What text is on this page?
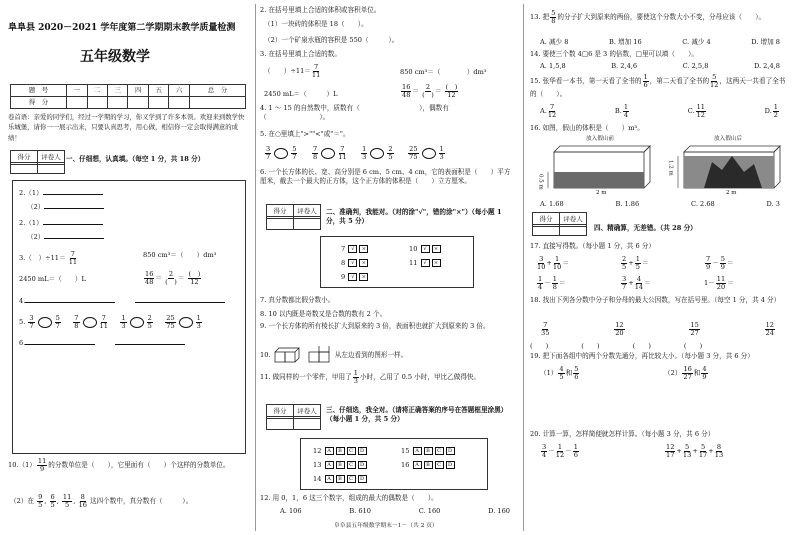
阜阜县 2020－2021 学年度第二学期期末教学质量检测
五年级数学
题　号	一	二	三	四	五	六	总　分
得　分							
卷首语：亲爱的同学们，经过一学期的学习，你又学到了许多本领。欢迎来到数学快乐城堡，请你一一展示出来，只要认真思考，用心做，相信你一定会取得满意的成绩！
得分	评卷人 一、仔细想，认真填。（每空 1 分，共 18 分）
2.（1）
（2）
2.（1）
（2）
3.（　）$\div 11= \frac{7}{11}$	850 cm³＝（　　）dm³
2450 mL＝（　　）L	$\frac{16}{48} = \frac{2}{( )} = \frac{( )}{12}$
4.
5. $\frac{3}{7}$	$\frac{5}{7}$
$\frac{7}{8}$	$\frac{7}{11}$
$\frac{1}{3}$	$\frac{2}{5}$
$\frac{25}{75}$	$\frac{1}{3}$
6.
$10.(1) \frac{11}{9}$ 的分数单位是（　　），它里面有（　　）个这样的分数单位。
（2）在 $\frac{9}{5}$ , $\frac{6}{5}$ , $\frac{11}{5}$ , $\frac{8}{16}$ 这四个数中，真分数有（　　　）。
2. 在括号里填上合适的体积或容积单位。
（1）一块砖的体积是 18（　　）。
（2）一个矿泉水瓶的容积是 550（　　　）。
3. 在括号里填上合适的数。
（　　）$\div 11= \frac{7}{11}$	850 cm³＝（　　　　）dm³
2450 mL＝（　　　）L	$\frac{16}{48} = \frac{2}{( )} = \frac{( )}{12}$
4. 1 ～ 15 的自然数中，质数有（　　　　　　　　　），偶数有（　　　　　　　　）。
5. 在○里填上">""<"或"＝"。
$\frac{3}{7}$	$\frac{5}{7}$
$\frac{7}{8}$	$\frac{7}{11}$
$\frac{1}{3}$	$\frac{2}{5}$
$\frac{25}{75}$	$\frac{1}{3}$
6. 一个长方体的长、宽、高分别是 6 cm、5 cm、4 cm，它的表面积是（　　）平方厘米，截去一个最大的正方体，这个正方体的体积是（　　）立方厘米。
得分	评卷人	二、准确判，我能对。（对的涂"√"，错的涂"×"）（每小题 1 分，共 5 分）
7 √ ×
8 √ ×
9 √ ×
10 √ ×
11 √ ×
7. 真分数都比假分数小。
8. 10 以内既是奇数又是合数的数有 2 个。
9. 一个长方体的所有棱长扩大到原来的 3 倍，表面积也就扩大到原来的 3 倍。
10.	从左边看到的图形一样。
11. 做同样的一个零件，甲用了 $\frac{1}{3}$ 小时，乙用了 0.5 小时，甲比乙做得快。
得分	评卷人	三、仔细选，我全对。（请将正确答案的序号在答题框里涂黑）（每小题 1 分，共 5 分）
12 A B C D
13 A B C D
14 A B C D
15 A B C D
16 A B C D
12. 用 0，1，6 这三个数字，组成的最大的偶数是（　　）。
A. 106	B. 610	C. 160	D. 160
阜阜县五年级数学期末－1－（共 2 页）
13. 把 $\frac{5}{8}$ 的分子扩大到原来的两倍，要使这个分数大小不变，分母应该（　　）。
A. 减少 8	B. 增加 16	C. 减少 4	D. 增加 8
14. 要使三个数 4□6 是 3 的倍数，□里可以填（　　）。
A. 1,5,8	B. 2,4,6	C. 2,5,8	D. 2,4,8
15. 张华看一本书，第一天看了全书的 $\frac{1}{6}$ ，第二天看了全书的 $\frac{5}{12}$ ，这两天一共看了全书的（　　）。
A. $\frac{7}{12}$	B. $\frac{1}{4}$	C. $\frac{11}{12}$	D. $\frac{1}{2}$
16. 如图，假山的体积是（　　）m³。
放入假山前	放入假山后
0.5 m
2 m
1.2 m
2 m
A. 1.68	B. 1.86	C. 2.68	D. 3
得分	评卷人
四、精确算，无差错。（共 28 分）
17. 直接写得数。（每小题 1 分，共 6 分）
$\frac{3}{10} + \frac{1}{10}$ ＝	$\frac{2}{5} + \frac{1}{5}$ ＝	$\frac{7}{9} - \frac{5}{9}$ ＝
$\frac{1}{4} - \frac{1}{8}$ ＝	$\frac{3}{7} + \frac{4}{14}$ ＝	$1- \frac{11}{20}$ ＝
18. 找出下列各分数中分子和分母的最大公因数，写在括号里。（每空 1 分，共 4 分）
$\frac{7}{35}$	$\frac{12}{20}$	$\frac{15}{27}$	$\frac{12}{24}$
(　　)　　　　　(　　)　　　　　(　　)　　　　　(　　)
19. 把下面各组中的两个分数先通分，再比较大小。（每小题 3 分，共 6 分）
$(1) \frac{4}{5}$ 和 $\frac{5}{6}$	$(2) \frac{16}{27}$ 和 $\frac{4}{9}$
20. 计算一算，怎样简便就怎样计算。（每小题 3 分，共 6 分）
$\frac{3}{4} - \frac{1}{12} - \frac{1}{6}$	$\frac{12}{17} + \frac{5}{13} + \frac{5}{17} + \frac{8}{13}$
